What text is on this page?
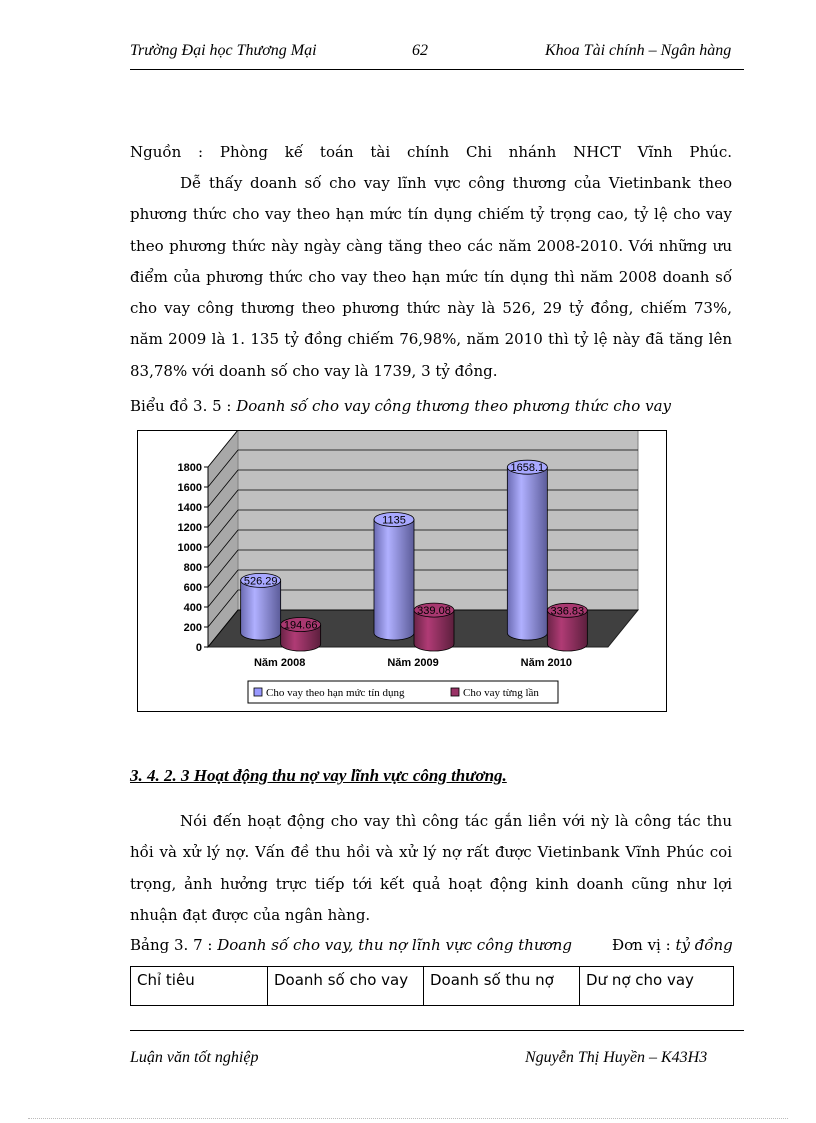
Trường Đại học Thương Mại	62	Khoa Tài chính – Ngân hàng

Nguồn : Phòng kế toán tài chính Chi nhánh NHCT Vĩnh Phúc.

Dễ thấy doanh số cho vay lĩnh vực công thương của Vietinbank theo phương thức cho vay theo hạn mức tín dụng chiếm tỷ trọng cao, tỷ lệ cho vay theo phương thức này ngày càng tăng theo các năm 2008-2010. Với những ưu điểm của phương thức cho vay theo hạn mức tín dụng thì năm 2008 doanh số cho vay công thương theo phương thức này là 526, 29 tỷ đồng, chiếm 73%, năm 2009 là 1. 135 tỷ đồng chiếm 76,98%, năm 2010 thì tỷ lệ này đã tăng lên 83,78% với doanh số cho vay là 1739, 3 tỷ đồng.

Biểu đồ 3. 5 : Doanh số cho vay công thương theo phương thức cho vay
0
200
400
600
800
1000
1200
1400
1600
1800
526.29
194.66
Năm 2008
1135
339.08
Năm 2009
1658.1
336.83
Năm 2010
Cho vay theo hạn mức tín dụng	Cho vay từng lần
3. 4. 2. 3 Hoạt động thu nợ vay lĩnh vực công thương.

Nói đến hoạt động cho vay thì công tác gắn liền với nỳ là công tác thu hồi và xử lý nợ. Vấn đề thu hồi và xử lý nợ rất được Vietinbank Vĩnh Phúc coi trọng, ảnh hưởng trực tiếp tới kết quả hoạt động kinh doanh cũng như lợi nhuận đạt được của ngân hàng.

Bảng 3. 7 : Doanh số cho vay, thu nợ lĩnh vực công thương	Đơn vị : tỷ đồng
Chỉ tiêu	Doanh số cho vay	Doanh số thu nợ	Dư nợ cho vay
Luận văn tốt nghiệp	Nguyễn Thị Huyền – K43H3
